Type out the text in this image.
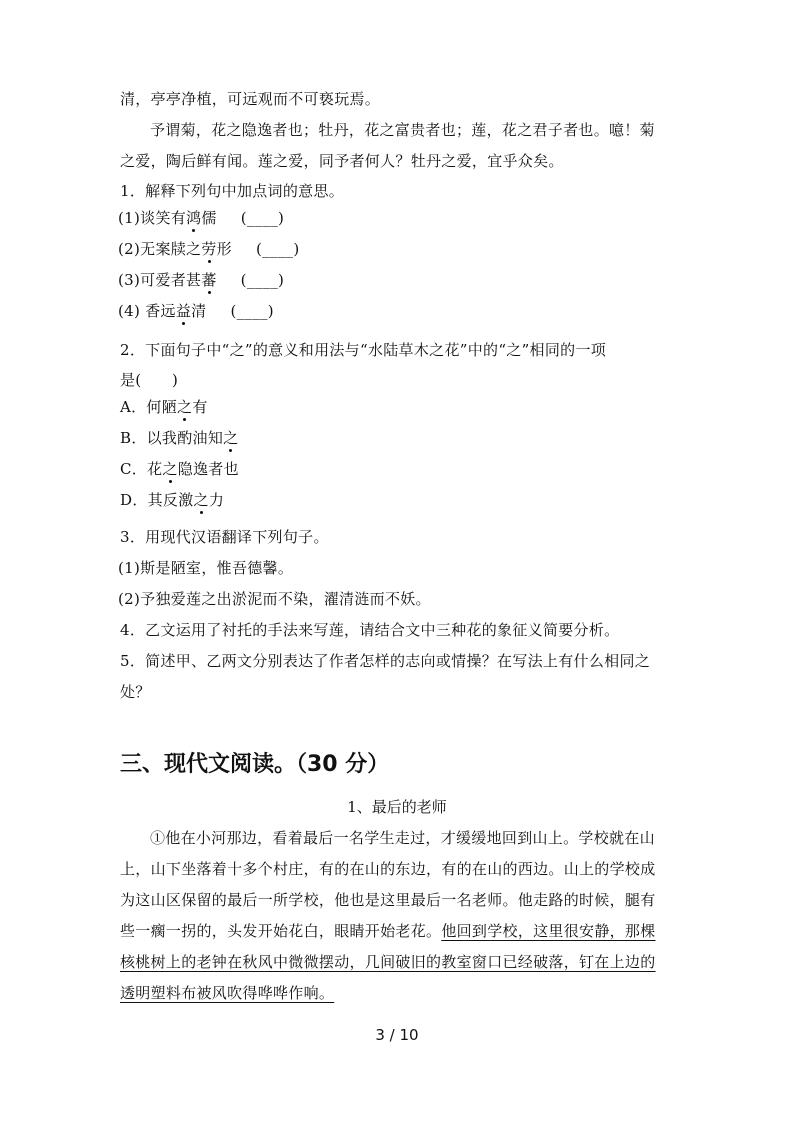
清，亭亭净植，可远观而不可亵玩焉。
予谓菊，花之隐逸者也；牡丹，花之富贵者也；莲，花之君子者也。噫！菊
之爱，陶后鲜有闻。莲之爱，同予者何人？牡丹之爱，宜乎众矣。
1．解释下列句中加点词的意思。
(1)谈笑有鸿儒 (____)
(2)无案牍之劳形 (____)
(3)可爱者甚蕃 (____)
(4) 香远益清 (____)
2．下面句子中“之”的意义和用法与“水陆草木之花”中的“之”相同的一项
是(　　)
A．何陋之有
B．以我酌油知之
C．花之隐逸者也
D．其反激之力
3．用现代汉语翻译下列句子。
(1)斯是陋室，惟吾德馨。
(2)予独爱莲之出淤泥而不染，濯清涟而不妖。
4．乙文运用了衬托的手法来写莲，请结合文中三种花的象征义简要分析。
5．简述甲、乙两文分别表达了作者怎样的志向或情操？在写法上有什么相同之
处？
三、现代文阅读。（30 分）
1、最后的老师
①他在小河那边，看着最后一名学生走过，才缓缓地回到山上。学校就在山
上，山下坐落着十多个村庄，有的在山的东边，有的在山的西边。山上的学校成
为这山区保留的最后一所学校，他也是这里最后一名老师。他走路的时候，腿有
些一瘸一拐的，头发开始花白，眼睛开始老花。他回到学校，这里很安静，那棵
核桃树上的老钟在秋风中微微摆动，几间破旧的教室窗口已经破落，钉在上边的
透明塑料布被风吹得哗哗作响。
3 / 10
